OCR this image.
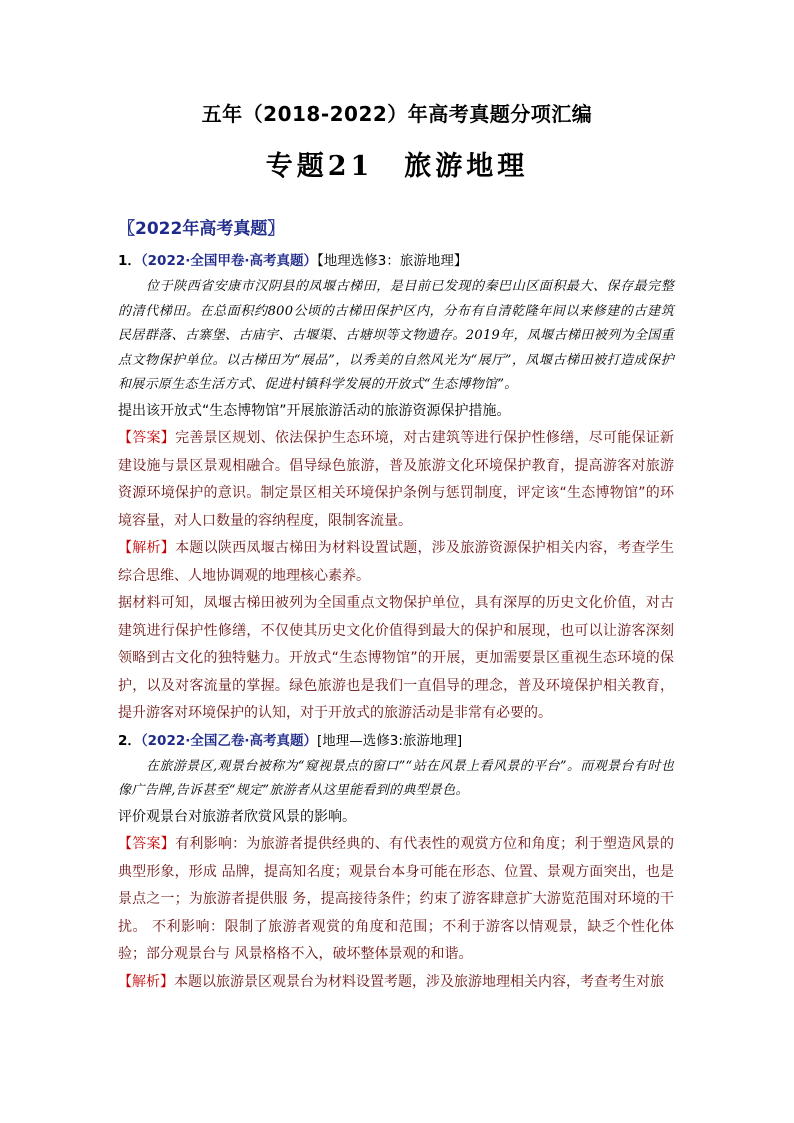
五年（2018-2022）年高考真题分项汇编
专题21　旅游地理
〖2022年高考真题〗

1．（2022·全国甲卷·高考真题）【地理选修3：旅游地理】

位于陕西省安康市汉阴县的凤堰古梯田，是目前已发现的秦巴山区面积最大、保存最完整的清代梯田。在总面积约800公顷的古梯田保护区内，分布有自清乾隆年间以来修建的古建筑民居群落、古寨堡、古庙宇、古堰渠、古塘坝等文物遗存。2019年，凤堰古梯田被列为全国重点文物保护单位。以古梯田为“展品”，以秀美的自然风光为“展厅”，凤堰古梯田被打造成保护和展示原生态生活方式、促进村镇科学发展的开放式“生态博物馆”。

提出该开放式“生态博物馆”开展旅游活动的旅游资源保护措施。

【答案】完善景区规划、依法保护生态环境，对古建筑等进行保护性修缮，尽可能保证新建设施与景区景观相融合。倡导绿色旅游，普及旅游文化环境保护教育，提高游客对旅游资源环境保护的意识。制定景区相关环境保护条例与惩罚制度，评定该“生态博物馆”的环境容量，对人口数量的容纳程度，限制客流量。

【解析】本题以陕西凤堰古梯田为材料设置试题，涉及旅游资源保护相关内容，考查学生综合思维、人地协调观的地理核心素养。

据材料可知，凤堰古梯田被列为全国重点文物保护单位，具有深厚的历史文化价值，对古建筑进行保护性修缮，不仅使其历史文化价值得到最大的保护和展现，也可以让游客深刻领略到古文化的独特魅力。开放式“生态博物馆”的开展，更加需要景区重视生态环境的保护，以及对客流量的掌握。绿色旅游也是我们一直倡导的理念，普及环境保护相关教育，提升游客对环境保护的认知，对于开放式的旅游活动是非常有必要的。

2．（2022·全国乙卷·高考真题）[地理—选修3:旅游地理]

在旅游景区,观景台被称为“窥视景点的窗口”“站在风景上看风景的平台”。而观景台有时也像广告牌,告诉甚至“规定”旅游者从这里能看到的典型景色。

评价观景台对旅游者欣赏风景的影响。

【答案】有利影响：为旅游者提供经典的、有代表性的观赏方位和角度；利于塑造风景的典型形象，形成 品牌，提高知名度；观景台本身可能在形态、位置、景观方面突出，也是景点之一；为旅游者提供服 务，提高接待条件；约束了游客肆意扩大游览范围对环境的干扰。 不利影响：限制了旅游者观赏的角度和范围；不利于游客以情观景，缺乏个性化体验；部分观景台与 风景格格不入，破坏整体景观的和谐。

【解析】本题以旅游景区观景台为材料设置考题，涉及旅游地理相关内容，考查考生对旅
